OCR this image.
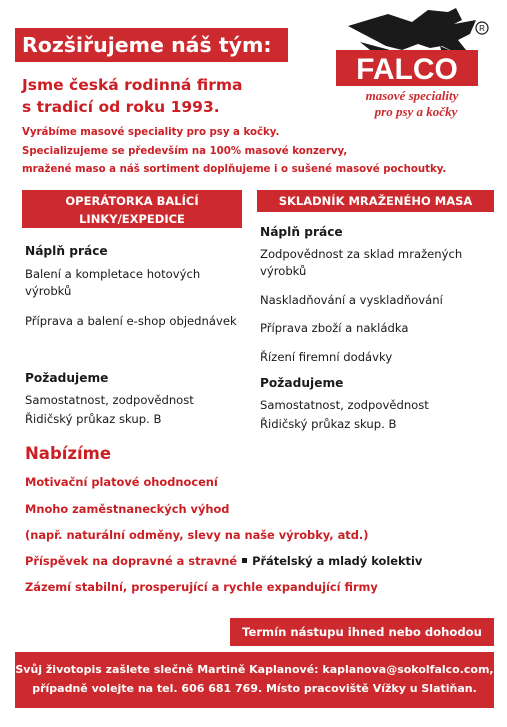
Rozšiřujeme náš tým:
FALCO
R
masové speciality
pro psy a kočky
Jsme česká rodinná firma
s tradicí od roku 1993.
Vyrábíme masové speciality pro psy a kočky.
Specializujeme se především na 100% masové konzervy,
mražené maso a náš sortiment doplňujeme i o sušené masové pochoutky.
OPERÁTORKA BALÍCÍ LINKY/EXPEDICE
SKLADNÍK MRAŽENÉHO MASA
Náplň práce
Balení a kompletace hotových výrobků
Příprava a balení e-shop objednávek
Požadujeme
Samostatnost, zodpovědnost
Řidičský průkaz skup. B
Náplň práce
Zodpovědnost za sklad mražených výrobků
Naskladňování a vyskladňování
Příprava zboží a nakládka
Řízení firemní dodávky
Požadujeme
Samostatnost, zodpovědnost
Řidičský průkaz skup. B
Nabízíme
Motivační platové ohodnocení
Mnoho zaměstnaneckých výhod
(např. naturální odměny, slevy na naše výrobky, atd.)
Příspěvek na dopravné a stravné Přátelský a mladý kolektiv
Zázemí stabilní, prosperující a rychle expandující firmy
Termín nástupu ihned nebo dohodou
Svůj životopis zašlete slečně Martině Kaplanové: kaplanova@sokolfalco.com,
případně volejte na tel. 606 681 769. Místo pracoviště Vížky u Slatiňan.
